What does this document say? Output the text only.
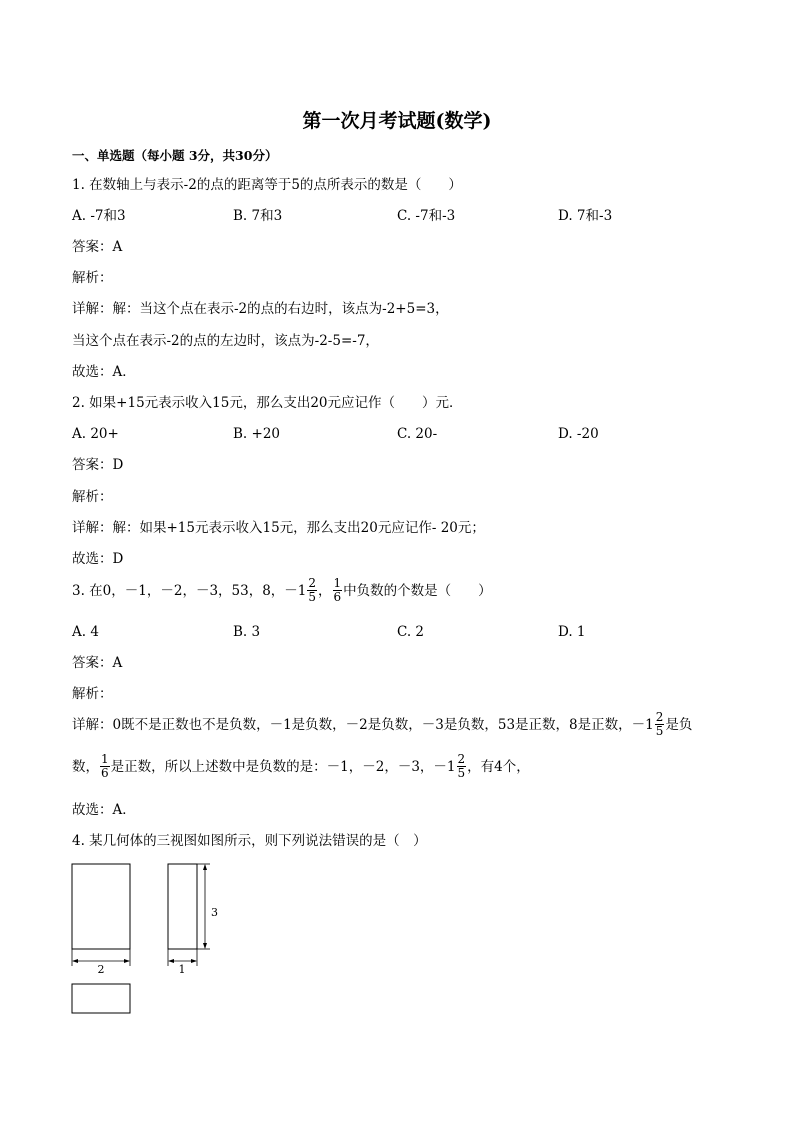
第一次月考试题(数学)
一、单选题（每小题 3分，共30分）
1. 在数轴上与表示-2的点的距离等于5的点所表示的数是（　　）
A. -7和3	B. 7和3	C. -7和-3	D. 7和-3
答案：A
解析：
详解：解：当这个点在表示-2的点的右边时，该点为-2+5=3，
当这个点在表示-2的点的左边时，该点为-2-5=-7，
故选：A．
2. 如果+15元表示收入15元，那么支出20元应记作（　　）元．
A. 20+	B. +20	C. 20-	D. -20
答案：D
解析：
详解：解：如果+15元表示收入15元，那么支出20元应记作- 20元；
故选：D
3. 在0，－1，－2，－3，53，8，$-1 \frac{2}{5}$ ， $\frac{1}{6}$ 中负数的个数是（　　）
A. 4	B. 3	C. 2	D. 1
答案：A
解析：
详解：0既不是正数也不是负数，－1是负数，－2是负数，－3是负数，53是正数，8是正数，$-1 \frac{2}{5}$ 是负
数， $\frac{1}{6}$ 是正数，所以上述数中是负数的是：－1，－2，－3，$-1 \frac{2}{5}$ ，有4个，
故选：A．
4. 某几何体的三视图如图所示，则下列说法错误的是（　）
2
3
1
